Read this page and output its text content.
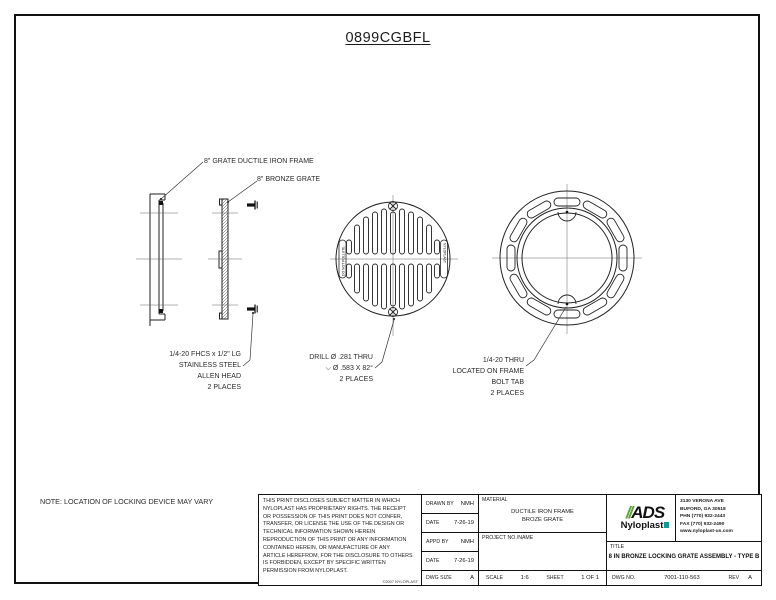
0899CGBFL
DO NOT POLLUTE	NYLOPLAST
8" GRATE DUCTILE IRON FRAME
8" BRONZE GRATE
1/4-20 FHCS x 1/2" LG
STAINLESS STEEL
ALLEN HEAD
2 PLACES
DRILL Ø .281 THRU
⌵ Ø .583 X 82°
2 PLACES
1/4-20 THRU
LOCATED ON FRAME
BOLT TAB
2 PLACES
NOTE: LOCATION OF LOCKING DEVICE MAY VARY	THIS PRINT DISCLOSES SUBJECT MATTER IN WHICH
NYLOPLAST HAS PROPRIETARY RIGHTS. THE RECEIPT
OR POSSESSION OF THIS PRINT DOES NOT CONFER,
TRANSFER, OR LICENSE THE USE OF THE DESIGN OR
TECHNICAL INFORMATION SHOWN HEREIN
REPRODUCTION OF THIS PRINT OR ANY INFORMATION
CONTAINED HEREIN, OR MANUFACTURE OF ANY
ARTICLE HEREFROM, FOR THE DISCLOSURE TO OTHERS
IS FORBIDDEN, EXCEPT BY SPECIFIC WRITTEN
PERMISSION FROM NYLOPLAST.
©2007 NYLOPLAST
DRAWN BY NMH
DATE	7-26-19
APPD BY NMH
DATE	7-26-19
DWG SIZE	A
MATERIAL
DUCTILE IRON FRAME
BROZE GRATE
PROJECT NO./NAME
SCALE	1:6	SHEET	1 OF 1
//ADS
Nyloplast
3130 VERONA AVE
BUFORD, GA 30518
PHN (770) 932-2443
FAX (770) 932-2490
www.nyloplast-us.com
TITLE
8 IN BRONZE LOCKING GRATE ASSEMBLY - TYPE B
DWG NO.	7001-110-563	REV A
